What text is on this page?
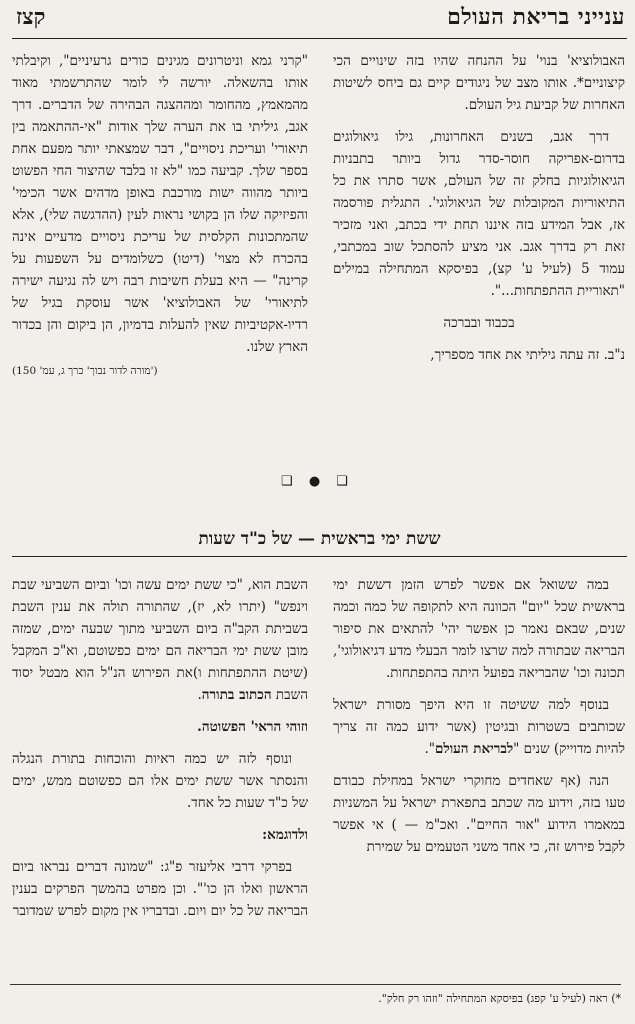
ענייני בריאת העולם
קצז

האבולוציא' בנוי' על ההנחה שהיו בזה שינויים הכי קיצוניים*. אותו מצב של ניגודים קיים גם ביחס לשיטות האחרות של קביעת גיל העולם.

דרך אגב, בשנים האחרונות, גילו גיאולוגים בדרום-אפריקה חוסר-סדר גדול ביותר בתבניות הגיאולוגיות בחלק זה של העולם, אשר סתרו את כל התיאוריות המקובלות של הגיאולוגי'. התגלית פורסמה אז, אבל המידע בזה איננו תחת ידי בכתב, ואני מזכיר זאת רק בדרך אגב. אני מציע להסתכל שוב במכתבי, עמוד 5 (לעיל ע' קצ), בפיסקא המתחילה במילים "תאוריית ההתפתחות...".

בכבוד ובברכה

נ"ב. זה עתה גיליתי את אחד מספריך,

"קרני גמא וניטרונים מגינים כורים גרעיניים", וקיבלתי אותו בהשאלה. יורשה לי לומר שהתרשמתי מאוד מהמאמץ, מהחומר ומההצגה הבהירה של הדברים. דרך אגב, גיליתי בו את הערה שלך אודות "אי-ההתאמה בין תיאורי' ועריכת ניסויים", דבר שמצאתי יותר מפעם אחת בספר שלך. קביעה כמו "לא זו בלבד שהיצור החי הפשוט ביותר מהווה ישות מורכבת באופן מדהים אשר הכימי' והפיזיקה שלו הן בקושי נראות לעין (ההדגשה שלי), אלא שהמתכונות הקלסית של עריכת ניסויים מדעיים אינה בהכרח לא מצוי' (דיטו) כשלומדים על השפעות על קרינה" — היא בעלת חשיבות רבה ויש לה נגיעה ישירה לתיאורי' של האבולוציא' אשר עוסקת בגיל של רדיו-אקטיביות שאין להעלות בדמיון, הן ביקום והן בכדור הארץ שלנו.

('מורה לדור נבוך' כרך ג, עמ' 150)

❑ ● ❑
ששת ימי בראשית — של כ"ד שעות

במה ששואל אם אפשר לפרש הזמן דששת ימי בראשית שכל "יום" הכוונה היא לתקופה של כמה וכמה שנים, שבאם נאמר כן אפשר יהי' להתאים את סיפור הבריאה שבתורה למה שרצו לומר הבעלי מדע דגיאולוגי', תכונה וכו' שהבריאה בפועל היתה בהתפתחות.

בנוסף למה ששיטה זו היא היפך מסורת ישראל שכותבים בשטרות ובגיטין (אשר ידוע כמה זה צריך להיות מדוייק) שנים "לבריאת העולם".

הנה (אף שאחדים מחוקרי ישראל במחילת כבודם טעו בזה, וידוע מה שכתב בתפארת ישראל על המשניות במאמרו הידוע "אור החיים". ואכ"מ — ) אי אפשר לקבל פירוש זה, כי אחד משני הטעמים על שמירת

השבת הוא, "כי ששת ימים עשה וכו' וביום השביעי שבת וינפש" (יתרו לא, יז), שהתורה תולה את ענין השבת בשביתת הקב"ה ביום השביעי מתוך שבעה ימים, שמזה מובן ששת ימי הבריאה הם ימים כפשוטם, וא"כ המקבל (שיטת ההתפתחות ו)את הפירוש הנ"ל הוא מבטל יסוד השבת הכתוב בתורה.

וזוהי הראי' הפשוטה.

ונוסף לזה יש כמה ראיות והוכחות בתורת הנגלה והנסתר אשר ששת ימים אלו הם כפשוטם ממש, ימים של כ"ד שעות כל אחד.

ולדוגמא:

בפרקי דרבי אליעזר פ"ג: "שמונה דברים נבראו ביום הראשון ואלו הן כו'". וכן מפרט בהמשך הפרקים בענין הבריאה של כל יום ויום. ובדבריו אין מקום לפרש שמדובר

*) ראה (לעיל ע' קפג) בפיסקא המתחילה "וזהו רק חלק".
